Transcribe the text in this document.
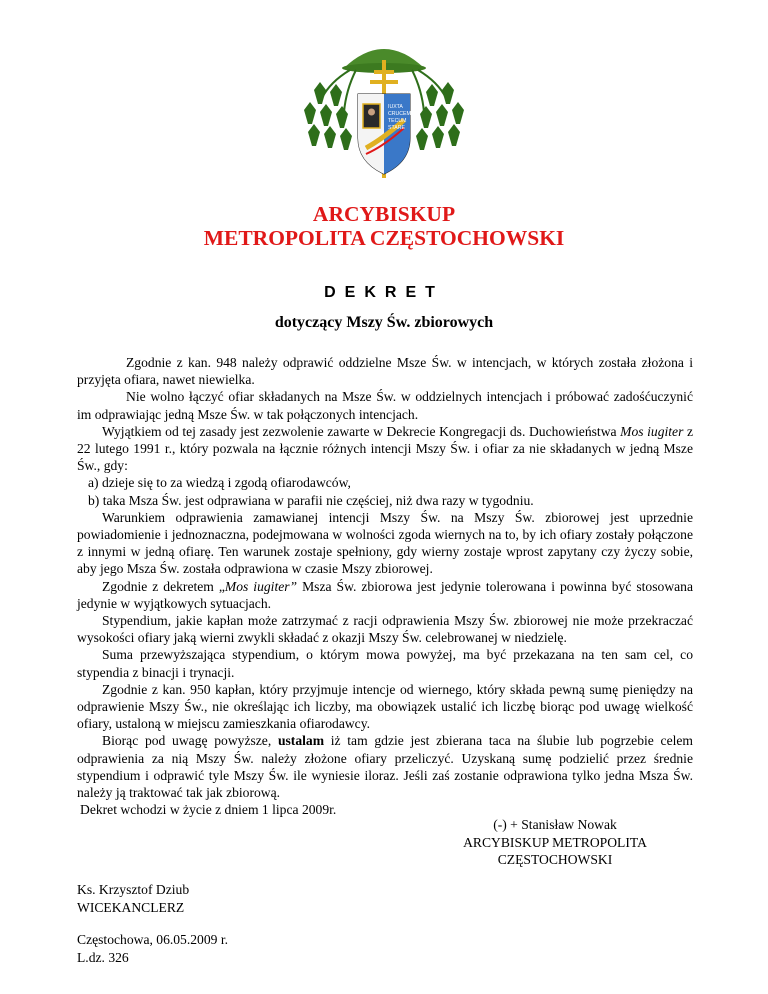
IUXTA
CRUCEM
TECUM
STARE
ARCYBISKUP
METROPOLITA CZĘSTOCHOWSKI
DEKRET
dotyczący Mszy Św. zbiorowych

Zgodnie z kan. 948 należy odprawić oddzielne Msze Św. w intencjach, w których została złożona i przyjęta ofiara, nawet niewielka.

Nie wolno łączyć ofiar składanych na Msze Św. w oddzielnych intencjach i próbować zadośćuczynić im odprawiając jedną Msze Św. w tak połączonych intencjach.

Wyjątkiem od tej zasady jest zezwolenie zawarte w Dekrecie Kongregacji ds. Duchowieństwa Mos iugiter z 22 lutego 1991 r., który pozwala na łącznie różnych intencji Mszy Św. i ofiar za nie składanych w jedną Msze Św., gdy:

a) dzieje się to za wiedzą i zgodą ofiarodawców,

b) taka Msza Św. jest odprawiana w parafii nie częściej, niż dwa razy w tygodniu.

Warunkiem odprawienia zamawianej intencji Mszy Św. na Mszy Św. zbiorowej jest uprzednie powiadomienie i jednoznaczna, podejmowana w wolności zgoda wiernych na to, by ich ofiary zostały połączone z innymi w jedną ofiarę. Ten warunek zostaje spełniony, gdy wierny zostaje wprost zapytany czy życzy sobie, aby jego Msza Św. została odprawiona w czasie Mszy zbiorowej.

Zgodnie z dekretem „Mos iugiter” Msza Św. zbiorowa jest jedynie tolerowana i powinna być stosowana jedynie w wyjątkowych sytuacjach.

Stypendium, jakie kapłan może zatrzymać z racji odprawienia Mszy Św. zbiorowej nie może przekraczać wysokości ofiary jaką wierni zwykli składać z okazji Mszy Św. celebrowanej w niedzielę.

Suma przewyższająca stypendium, o którym mowa powyżej, ma być przekazana na ten sam cel, co stypendia z binacji i trynacji.

Zgodnie z kan. 950 kapłan, który przyjmuje intencje od wiernego, który składa pewną sumę pieniędzy na odprawienie Mszy Św., nie określając ich liczby, ma obowiązek ustalić ich liczbę biorąc pod uwagę wielkość ofiary, ustaloną w miejscu zamieszkania ofiarodawcy.

Biorąc pod uwagę powyższe, ustalam iż tam gdzie jest zbierana taca na ślubie lub pogrzebie celem odprawienia za nią Mszy Św. należy złożone ofiary przeliczyć. Uzyskaną sumę podzielić przez średnie stypendium i odprawić tyle Mszy Św. ile wyniesie iloraz. Jeśli zaś zostanie odprawiona tylko jedna Msza Św. należy ją traktować tak jak zbiorową.

Dekret wchodzi w życie z dniem 1 lipca 2009r.

(-) + Stanisław Nowak
ARCYBISKUP METROPOLITA
CZĘSTOCHOWSKI
Ks. Krzysztof Dziub
WICEKANCLERZ
Częstochowa, 06.05.2009 r.
L.dz. 326
